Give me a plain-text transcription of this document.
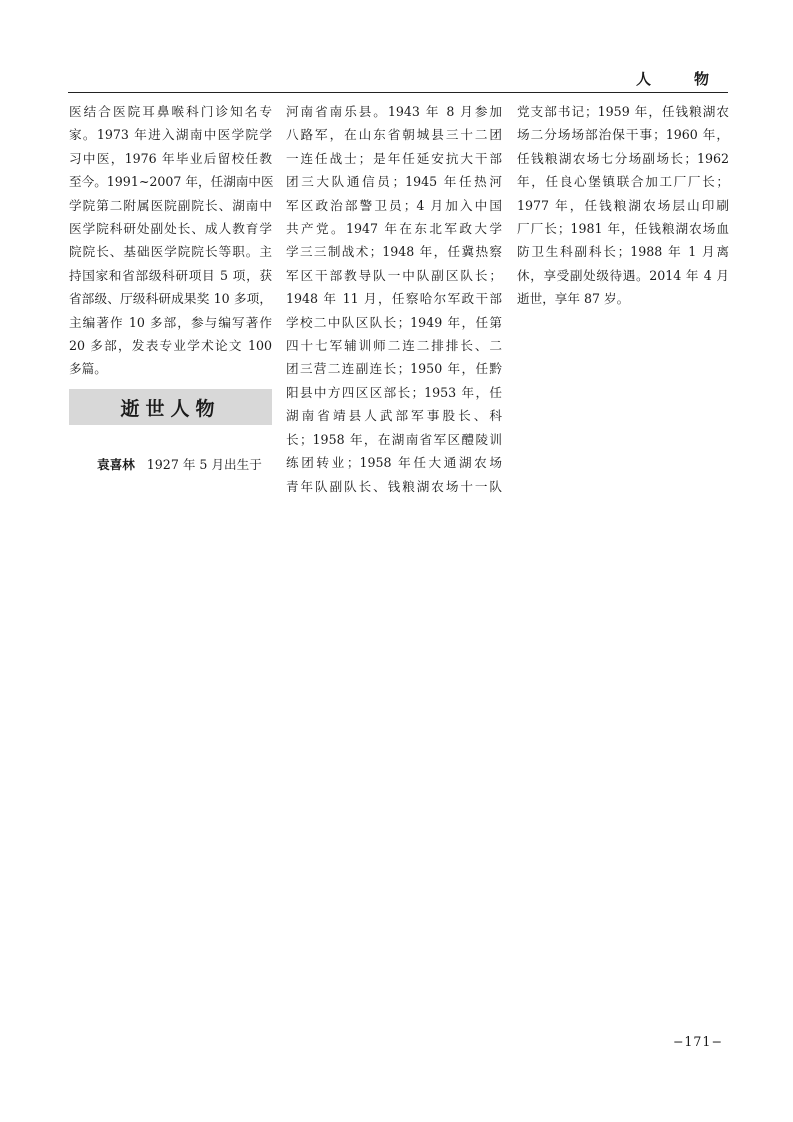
人　物

医结合医院耳鼻喉科门诊知名专
家。1973 年进入湖南中医学院学
习中医，1976 年毕业后留校任教
至今。1991~2007 年，任湖南中医
学院第二附属医院副院长、湖南中
医学院科研处副处长、成人教育学
院院长、基础医学院院长等职。主
持国家和省部级科研项目 5 项，获
省部级、厅级科研成果奖 10 多项，
主编著作 10 多部，参与编写著作
20 多部，发表专业学术论文 100
多篇。

逝世人物
袁喜林 1927 年 5 月出生于

河南省南乐县。1943 年 8 月参加
八路军，在山东省朝城县三十二团
一连任战士；是年任延安抗大干部
团三大队通信员；1945 年任热河
军区政治部警卫员；4 月加入中国
共产党。1947 年在东北军政大学
学三三制战术；1948 年，任冀热察
军区干部教导队一中队副区队长；
1948 年 11 月，任察哈尔军政干部
学校二中队区队长；1949 年，任第
四十七军辅训师二连二排排长、二
团三营二连副连长；1950 年，任黔
阳县中方四区区部长；1953 年，任
湖南省靖县人武部军事股长、科
长；1958 年，在湖南省军区醴陵训
练团转业；1958 年任大通湖农场
青年队副队长、钱粮湖农场十一队

党支部书记；1959 年，任钱粮湖农
场二分场场部治保干事；1960 年，
任钱粮湖农场七分场副场长；1962
年，任良心堡镇联合加工厂厂长；
1977 年，任钱粮湖农场层山印刷
厂厂长；1981 年，任钱粮湖农场血
防卫生科副科长；1988 年 1 月离
休，享受副处级待遇。2014 年 4 月
逝世，享年 87 岁。

−171−
